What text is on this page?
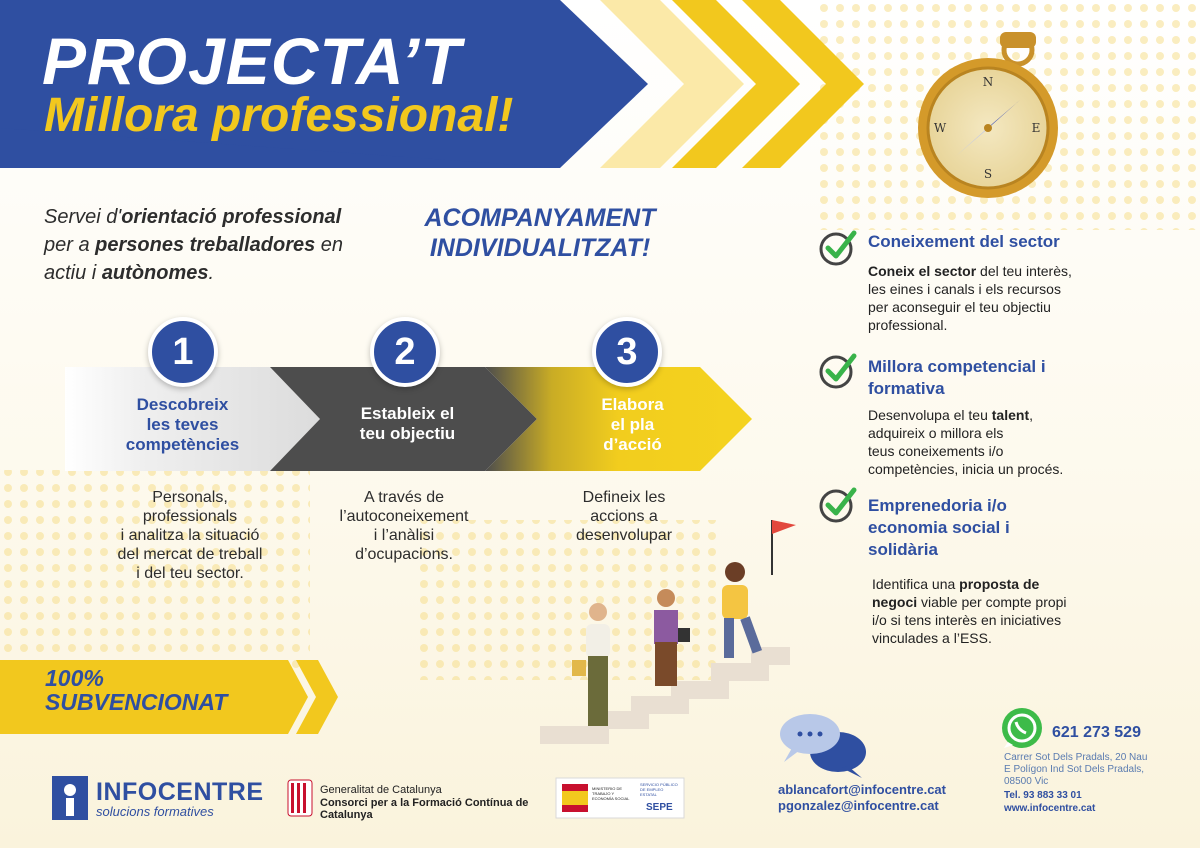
N
S
W	E
PROJECTA’T
Millora professional!
Servei d'orientació professional
per a persones treballadores en
actiu i autònomes.
ACOMPANYAMENT
INDIVIDUALITZAT!
1	2	3
Descobreix
les teves
competències
Estableix el
teu objectiu
Elabora
el pla
d’acció
Personals,
professionals
i analitza la situació
del mercat de treball
i del teu sector.
A través de
l’autoconeixement
i l’anàlisi
d’ocupacions.
Defineix les
accions a
desenvolupar
100%
SUBVENCIONAT
Coneixement del sector
Coneix el sector del teu interès,
les eines i canals i els recursos
per aconseguir el teu objectiu
professional.
Millora competencial i
formativa
Desenvolupa el teu talent,
adquireix o millora els
teus coneixements i/o
competències, inicia un procés.
Emprenedoria i/o
economia social i
solidària
Identifica una proposta de
negoci viable per compte propi
i/o si tens interès en iniciatives
vinculades a l’ESS.
INFOCENTRE
solucions formatives
Generalitat de Catalunya
Consorci per a la Formació Contínua de Catalunya
MINISTERIO DE TRABAJO Y ECONOMÍA SOCIAL
SERVICIO PÚBLICO DE EMPLEO ESTATAL
SEPE
ablancafort@infocentre.cat
pgonzalez@infocentre.cat
621 273 529
Carrer Sot Dels Pradals, 20 Nau
E Polígon Ind Sot Dels Pradals,
08500 Vic
Tel. 93 883 33 01
www.infocentre.cat
